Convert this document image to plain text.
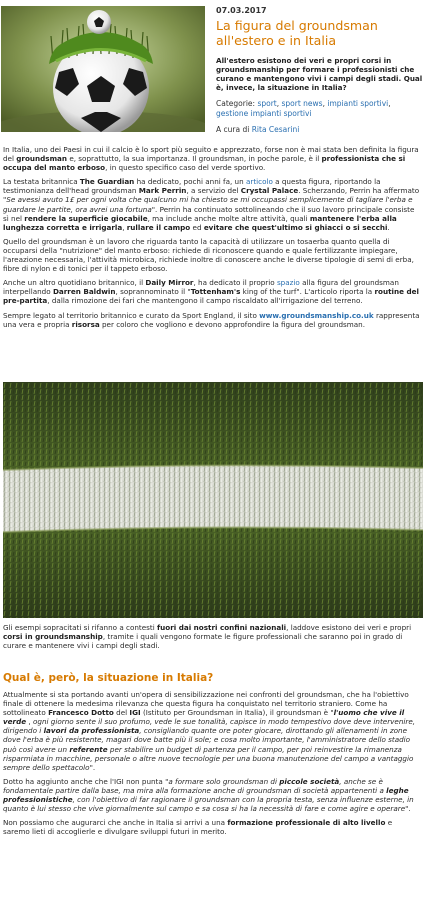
07.03.2017
La figura del groundsman all'estero e in Italia
All'estero esistono dei veri e propri corsi in groundsmanship per formare i professionisti che curano e mantengono vivi i campi degli stadi. Qual è, invece, la situazione in Italia?
Categorie: sport, sport news, impianti sportivi, gestione impianti sportivi
A cura di Rita Cesarini

In Italia, uno dei Paesi in cui il calcio è lo sport più seguito e apprezzato, forse non è mai stata ben definita la figura del groundsman e, soprattutto, la sua importanza. Il groundsman, in poche parole, è il professionista che si occupa del manto erboso, in questo specifico caso del verde sportivo.

La testata britannica The Guardian ha dedicato, pochi anni fa, un articolo a questa figura, riportando la testimonianza dell'head groundsman Mark Perrin, a servizio del Crystal Palace. Scherzando, Perrin ha affermato "Se avessi avuto 1£ per ogni volta che qualcuno mi ha chiesto se mi occupassi semplicemente di tagliare l'erba e guardare le partite, ora avrei una fortuna". Perrin ha continuato sottolineando che il suo lavoro principale consiste sì nel rendere la superficie giocabile, ma include anche molte altre attività, quali mantenere l'erba alla lunghezza corretta e irrigarla, rullare il campo ed evitare che quest'ultimo si ghiacci o si secchi.

Quello del groundsman è un lavoro che riguarda tanto la capacità di utilizzare un tosaerba quanto quella di occuparsi della "nutrizione" del manto erboso: richiede di riconoscere quando e quale fertilizzante impiegare, l'areazione necessaria, l'attività microbica, richiede inoltre di conoscere anche le diverse tipologie di semi di erba, fibre di nylon e di tonici per il tappeto erboso.

Anche un altro quotidiano britannico, il Daily Mirror, ha dedicato il proprio spazio alla figura del groundsman interpellando Darren Baldwin, soprannominato il "Tottenham's king of the turf". L'articolo riporta la routine del pre-partita, dalla rimozione dei fari che mantengono il campo riscaldato all'irrigazione del terreno.

Sempre legato al territorio britannico e curato da Sport England, il sito www.groundsmanship.co.uk rappresenta una vera e propria risorsa per coloro che vogliono e devono approfondire la figura del groundsman.

Gli esempi sopracitati si rifanno a contesti fuori dai nostri confini nazionali, laddove esistono dei veri e propri corsi in groundsmanship, tramite i quali vengono formate le figure professionali che saranno poi in grado di curare e mantenere vivi i campi degli stadi.

Qual è, però, la situazione in Italia?

Attualmente si sta portando avanti un'opera di sensibilizzazione nei confronti del groundsman, che ha l'obiettivo finale di ottenere la medesima rilevanza che questa figura ha conquistato nel territorio straniero. Come ha sottolineato Francesco Dotto del IGI (Istituto per Groundsman in Italia), il groundsman è "l'uomo che vive il verde , ogni giorno sente il suo profumo, vede le sue tonalità, capisce in modo tempestivo dove deve intervenire, dirigendo i lavori da professionista, consigliando quante ore poter giocare, dirottando gli allenamenti in zone dove l'erba è più resistente, magari dove batte più il sole; e cosa molto importante, l'amministratore dello stadio può così avere un referente per stabilire un budget di partenza per il campo, per poi reinvestire la rimanenza risparmiata in macchine, personale o altre nuove tecnologie per una buona manutenzione del campo a vantaggio sempre dello spettacolo".

Dotto ha aggiunto anche che l'IGI non punta "a formare solo groundsman di piccole società, anche se è fondamentale partire dalla base, ma mira alla formazione anche di groundsman di società appartenenti a leghe professionistiche, con l'obiettivo di far ragionare il groundsman con la propria testa, senza influenze esterne, in quanto è lui stesso che vive giornalmente sul campo e sa cosa si ha la necessità di fare e come agire e operare".

Non possiamo che augurarci che anche in Italia si arrivi a una formazione professionale di alto livello e saremo lieti di accoglierle e divulgare sviluppi futuri in merito.
